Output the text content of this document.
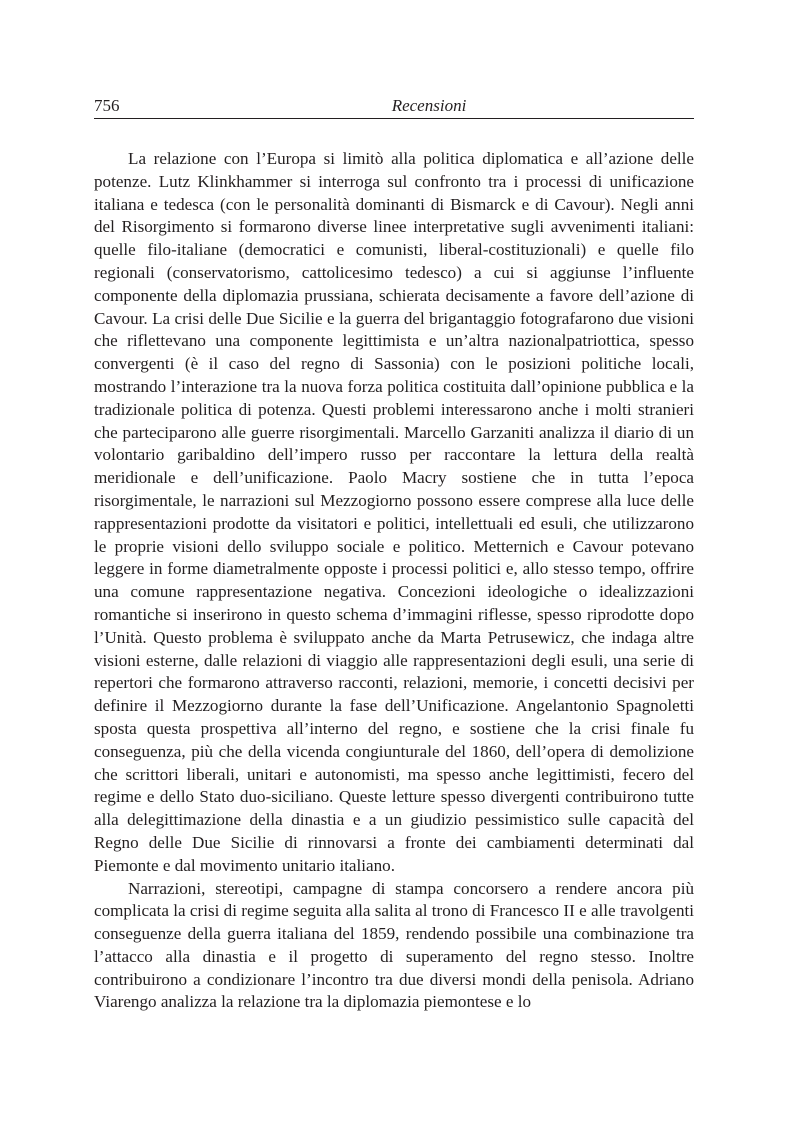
756	Recensioni

La relazione con l’Europa si limitò alla politica diplomatica e all’azione delle potenze. Lutz Klinkhammer si interroga sul confronto tra i processi di unificazione italiana e tedesca (con le personalità dominanti di Bismarck e di Cavour). Negli anni del Risorgimento si formarono diverse linee interpretative sugli avvenimenti italiani: quelle filo-italiane (democratici e comunisti, liberal-costituzionali) e quelle filo regionali (conservatorismo, cattolicesimo tedesco) a cui si aggiunse l’influente componente della diplomazia prussiana, schierata decisamente a favore dell’azione di Cavour. La crisi delle Due Sicilie e la guerra del brigantaggio fotografarono due visioni che riflettevano una componente legittimista e un’altra nazionalpatriottica, spesso convergenti (è il caso del regno di Sassonia) con le posizioni politiche locali, mostrando l’interazione tra la nuova forza politica costituita dall’opinione pubblica e la tradizionale politica di potenza. Questi problemi interessarono anche i molti stranieri che parteciparono alle guerre risorgimentali. Marcello Garzaniti analizza il diario di un volontario garibaldino dell’impero russo per raccontare la lettura della realtà meridionale e dell’unificazione. Paolo Macry sostiene che in tutta l’epoca risorgimentale, le narrazioni sul Mezzogiorno possono essere comprese alla luce delle rappresentazioni prodotte da visitatori e politici, intellettuali ed esuli, che utilizzarono le proprie visioni dello sviluppo sociale e politico. Metternich e Cavour potevano leggere in forme diametralmente opposte i processi politici e, allo stesso tempo, offrire una comune rappresentazione negativa. Concezioni ideologiche o idealizzazioni romantiche si inserirono in questo schema d’immagini riflesse, spesso riprodotte dopo l’Unità. Questo problema è sviluppato anche da Marta Petrusewicz, che indaga altre visioni esterne, dalle relazioni di viaggio alle rappresentazioni degli esuli, una serie di repertori che formarono attraverso racconti, relazioni, memorie, i concetti decisivi per definire il Mezzogiorno durante la fase dell’Unificazione. Angelantonio Spagnoletti sposta questa prospettiva all’interno del regno, e sostiene che la crisi finale fu conseguenza, più che della vicenda congiunturale del 1860, dell’opera di demolizione che scrittori liberali, unitari e autonomisti, ma spesso anche legittimisti, fecero del regime e dello Stato duo-siciliano. Queste letture spesso divergenti contribuirono tutte alla delegittimazione della dinastia e a un giudizio pessimistico sulle capacità del Regno delle Due Sicilie di rinnovarsi a fronte dei cambiamenti determinati dal Piemonte e dal movimento unitario italiano.

Narrazioni, stereotipi, campagne di stampa concorsero a rendere ancora più complicata la crisi di regime seguita alla salita al trono di Francesco II e alle travolgenti conseguenze della guerra italiana del 1859, rendendo possibile una combinazione tra l’attacco alla dinastia e il progetto di superamento del regno stesso. Inoltre contribuirono a condizionare l’incontro tra due diversi mondi della penisola. Adriano Viarengo analizza la relazione tra la diplomazia piemontese e lo
